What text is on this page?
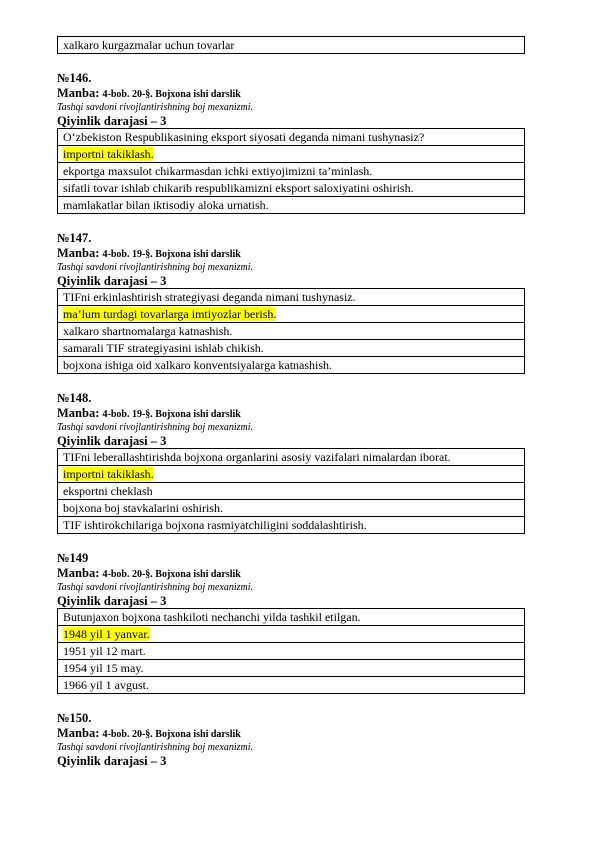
xalkaro kurgazmalar uchun tovarlar
№146.
Manba: 4-bob. 20-§. Bojxona ishi darslik
Tashqi savdoni rivojlantirishning boj mexanizmi.
Qiyinlik darajasi – 3
O‘zbekiston Respublikasining eksport siyosati deganda nimani tushynasiz?
importni takiklash.
ekportga maxsulot chikarmasdan ichki extiyojimizni ta’minlash.
sifatli tovar ishlab chikarib respublikamizni eksport saloxiyatini oshirish.
mamlakatlar bilan iktisodiy aloka urnatish.
№147.
Manba: 4-bob. 19-§. Bojxona ishi darslik
Tashqi savdoni rivojlantirishning boj mexanizmi.
Qiyinlik darajasi – 3
TIFni erkinlashtirish strategiyasi deganda nimani tushynasiz.
ma’lum turdagi tovarlarga imtiyozlar berish.
xalkaro shartnomalarga katnashish.
samarali TIF strategiyasini ishlab chikish.
bojxona ishiga oid xalkaro konventsiyalarga katnashish.
№148.
Manba: 4-bob. 19-§. Bojxona ishi darslik
Tashqi savdoni rivojlantirishning boj mexanizmi.
Qiyinlik darajasi – 3
TIFni leberallashtirishda bojxona organlarini asosiy vazifalari nimalardan iborat.
importni takiklash.
eksportni cheklash
bojxona boj stavkalarini oshirish.
TIF ishtirokchilariga bojxona rasmiyatchiligini soddalashtirish.
№149
Manba: 4-bob. 20-§. Bojxona ishi darslik
Tashqi savdoni rivojlantirishning boj mexanizmi.
Qiyinlik darajasi – 3
Butunjaxon bojxona tashkiloti nechanchi yilda tashkil etilgan.
1948 yil 1 yanvar.
1951 yil 12 mart.
1954 yil 15 may.
1966 yil 1 avgust.
№150.
Manba: 4-bob. 20-§. Bojxona ishi darslik
Tashqi savdoni rivojlantirishning boj mexanizmi.
Qiyinlik darajasi – 3
